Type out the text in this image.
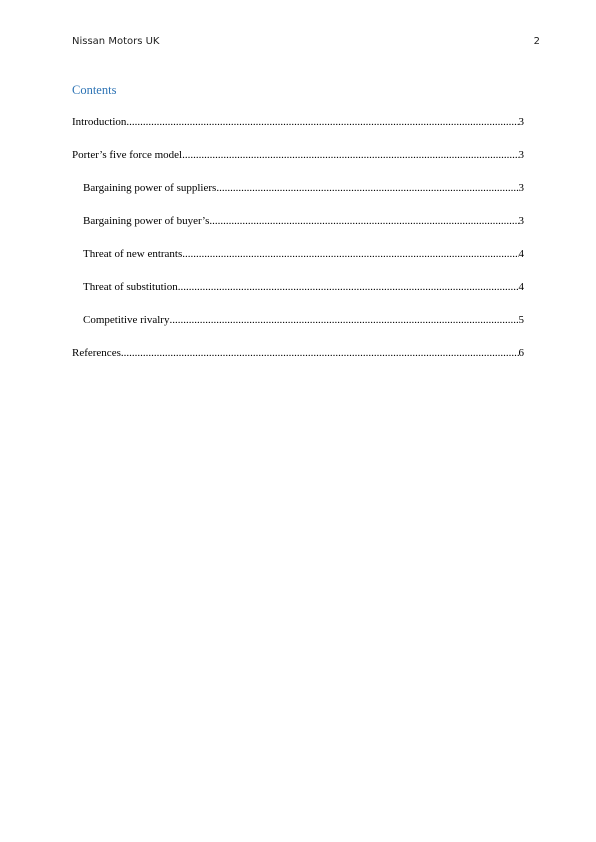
Nissan Motors UK	2
Contents
Introduction .....	3
Porter’s five force model .....	3
Bargaining power of suppliers .....	3
Bargaining power of buyer’s .....	3
Threat of new entrants .....	4
Threat of substitution .....	4
Competitive rivalry .....	5
References .....	6
